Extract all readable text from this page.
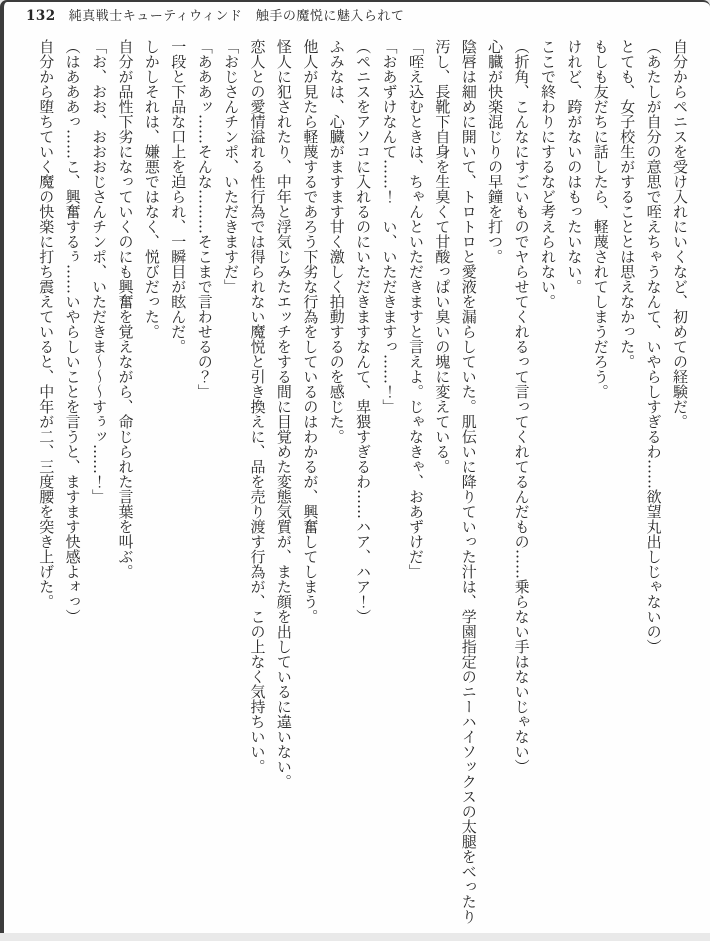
132 純真戦士キューティウィンド　触手の魔悦に魅入られて

自分からペニスを受け入れにいくなど、初めての経験だ。

（あたしが自分の意思で咥えちゃうなんて、いやらしすぎるわ……欲望丸出しじゃないの）

とても、女子校生がすることとは思えなかった。

もしも友だちに話したら、軽蔑されてしまうだろう。

けれど、跨がないのはもったいない。

ここで終わりにするなど考えられない。

（折角、こんなにすごいものでヤらせてくれるって言ってくれてるんだもの……乗らない手はないじゃない）

心臓が快楽混じりの早鐘を打つ。

陰唇は細めに開いて、トロトロと愛液を漏らしていた。肌伝いに降りていった汁は、学園指定のニーハイソックスの太腿をべったり

汚し、長靴下自身を生臭くて甘酸っぱい臭いの塊に変えている。

「咥え込むときは、ちゃんといただきますと言えよ。じゃなきゃ、おあずけだ」

「おあずけなんて……！　い、いただきますっ……！」

（ペニスをアソコに入れるのにいただきますなんて、卑猥すぎるわ……ハア、ハア！）

ふみなは、心臓がますます甘く激しく拍動するのを感じた。

他人が見たら軽蔑するであろう下劣な行為をしているのはわかるが、興奮してしまう。

怪人に犯されたり、中年と浮気じみたエッチをする間に目覚めた変態気質が、また顔を出しているに違いない。

恋人との愛情溢れる性行為では得られない魔悦と引き換えに、品を売り渡す行為が、この上なく気持ちいい。

「おじさんチンポ、いただきますだ」

「あああッ……そんな………そこまで言わせるの？」

一段と下品な口上を迫られ、一瞬目が眩んだ。

しかしそれは、嫌悪ではなく、悦びだった。

自分が品性下劣になっていくのにも興奮を覚えながら、命じられた言葉を叫ぶ。

「お、おお、おおおじさんチンポ、いただきま～～～すぅッ……！」

（はあああっ……こ、興奮するぅ……いやらしいことを言うと、ますます快感よォっ）

自分から堕ちていく魔の快楽に打ち震えていると、中年が二、三度腰を突き上げた。
